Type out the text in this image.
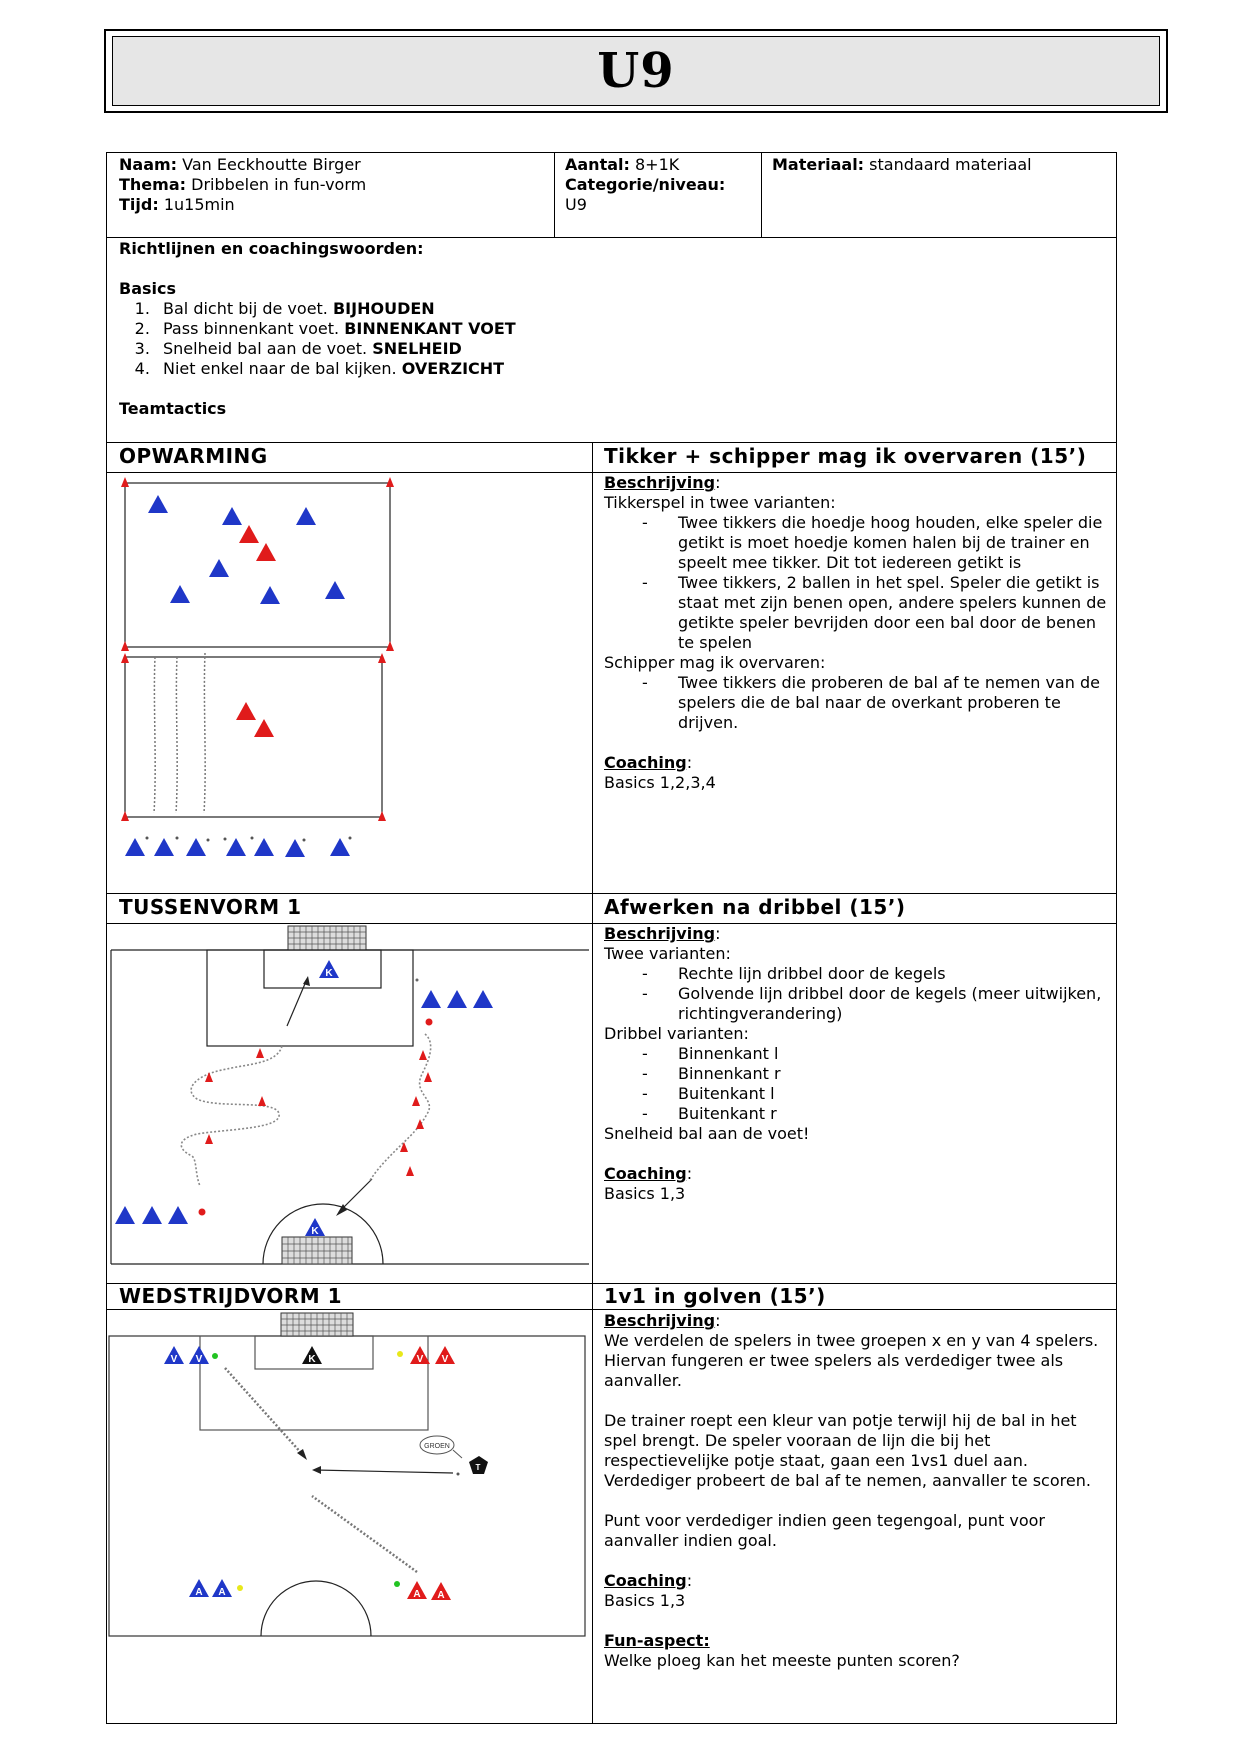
U9
Naam: Van Eeckhoutte Birger
Thema: Dribbelen in fun-vorm
Tijd: 1u15min
Aantal: 8+1K
Categorie/niveau:
U9
Materiaal: standaard materiaal
Richtlijnen en coachingswoorden:
Basics
1. Bal dicht bij de voet. BIJHOUDEN
2. Pass binnenkant voet. BINNENKANT VOET
3. Snelheid bal aan de voet. SNELHEID
4. Niet enkel naar de bal kijken. OVERZICHT
Teamtactics
OPWARMING	Tikker + schipper mag ik overvaren (15’)
TUSSENVORM 1	Afwerken na dribbel (15’)
WEDSTRIJDVORM 1	1v1 in golven (15’)
Beschrijving:
Tikkerspel in twee varianten:
- Twee tikkers die hoedje hoog houden, elke speler die getikt is moet hoedje komen halen bij de trainer en speelt mee tikker. Dit tot iedereen getikt is
- Twee tikkers, 2 ballen in het spel. Speler die getikt is staat met zijn benen open, andere spelers kunnen de getikte speler bevrijden door een bal door de benen te spelen
Schipper mag ik overvaren:
- Twee tikkers die proberen de bal af te nemen van de spelers die de bal naar de overkant proberen te drijven.
Coaching:
Basics 1,2,3,4
Beschrijving:
Twee varianten:
- Rechte lijn dribbel door de kegels
- Golvende lijn dribbel door de kegels (meer uitwijken, richtingverandering)
Dribbel varianten:
- Binnenkant l
- Binnenkant r
- Buitenkant l
- Buitenkant r
Snelheid bal aan de voet!
Coaching:
Basics 1,3
Beschrijving:
We verdelen de spelers in twee groepen x en y van 4 spelers. Hiervan fungeren er twee spelers als verdediger twee als aanvaller.
De trainer roept een kleur van potje terwijl hij de bal in het spel brengt. De speler vooraan de lijn die bij het respectievelijke potje staat, gaan een 1vs1 duel aan. Verdediger probeert de bal af te nemen, aanvaller te scoren.
Punt voor verdediger indien geen tegengoal, punt voor aanvaller indien goal.
Coaching:
Basics 1,3
Fun-aspect:
Welke ploeg kan het meeste punten scoren?
K
K
K
V V	V V
GROEN
T
A A	A A
